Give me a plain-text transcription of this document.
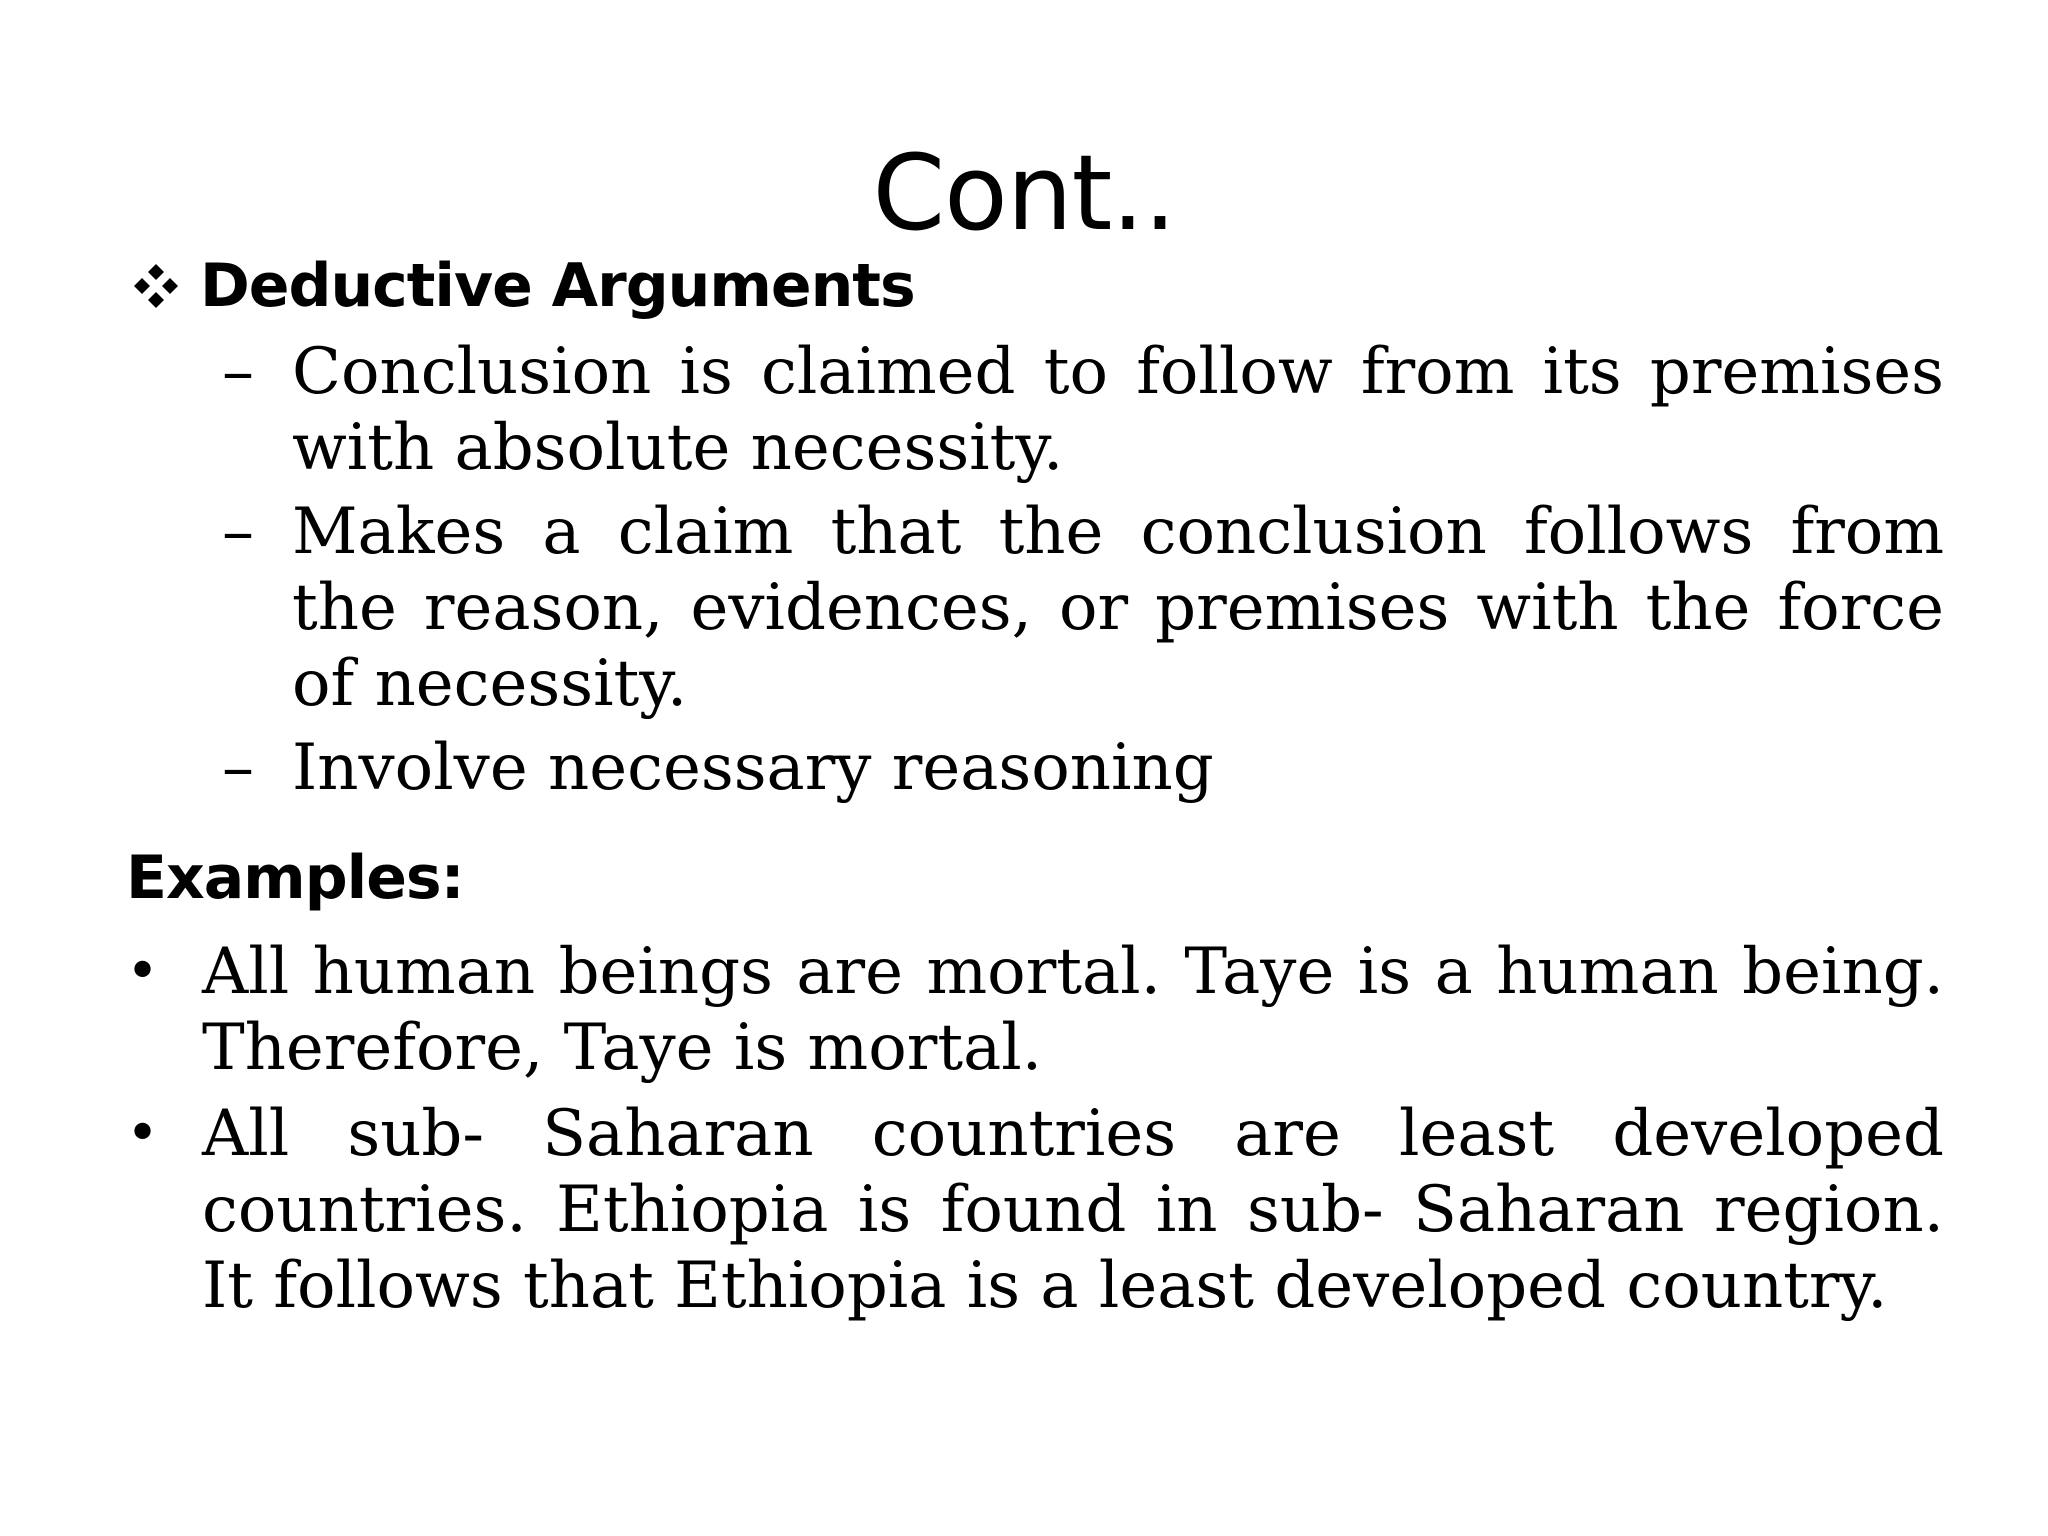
Cont..
Deductive Arguments
– Conclusion is claimed to follow from its premises with absolute necessity.
– Makes a claim that the conclusion follows from the reason, evidences, or premises with the force of necessity.
– Involve necessary reasoning

Examples:

• All human beings are mortal. Taye is a human being. Therefore, Taye is mortal.
• All sub- Saharan countries are least developed countries. Ethiopia is found in sub- Saharan region. It follows that Ethiopia is a least developed country.
